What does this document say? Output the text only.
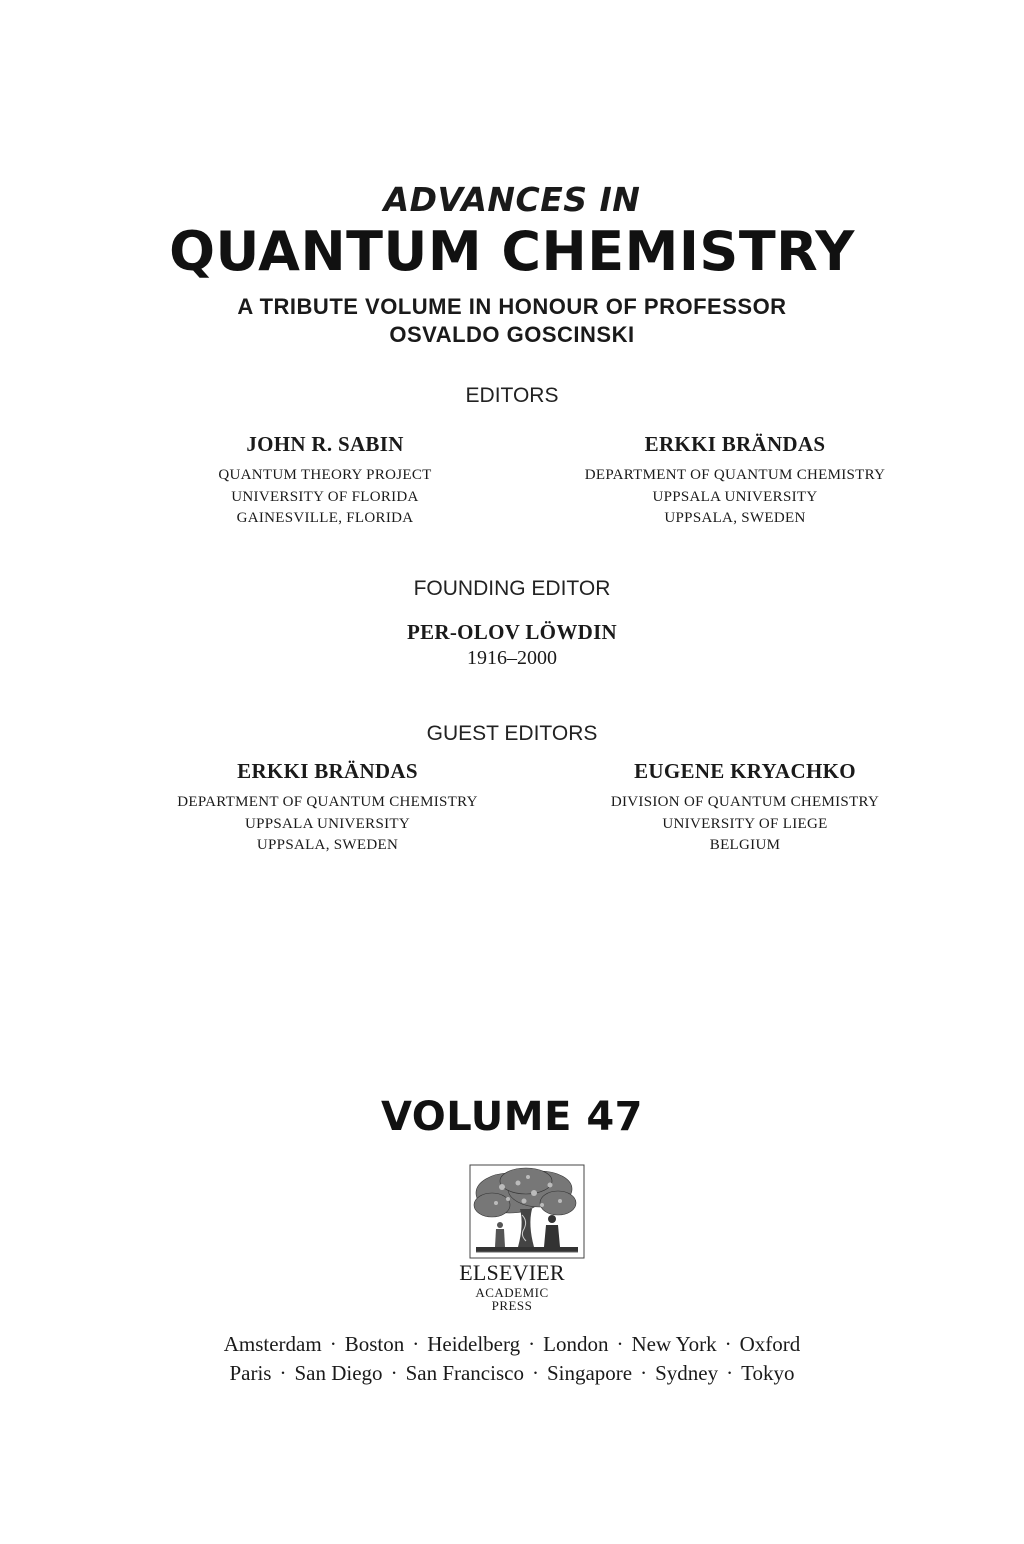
ADVANCES IN
QUANTUM CHEMISTRY
A TRIBUTE VOLUME IN HONOUR OF PROFESSOR
OSVALDO GOSCINSKI
EDITORS
JOHN R. SABIN
QUANTUM THEORY PROJECT
UNIVERSITY OF FLORIDA
GAINESVILLE, FLORIDA
ERKKI BRÄNDAS
DEPARTMENT OF QUANTUM CHEMISTRY
UPPSALA UNIVERSITY
UPPSALA, SWEDEN
FOUNDING EDITOR
PER-OLOV LÖWDIN
1916–2000
GUEST EDITORS
ERKKI BRÄNDAS
DEPARTMENT OF QUANTUM CHEMISTRY
UPPSALA UNIVERSITY
UPPSALA, SWEDEN
EUGENE KRYACHKO
DIVISION OF QUANTUM CHEMISTRY
UNIVERSITY OF LIEGE
BELGIUM
VOLUME 47
ELSEVIER
ACADEMIC
PRESS
Amsterdam · Boston · Heidelberg · London · New York · Oxford
Paris · San Diego · San Francisco · Singapore · Sydney · Tokyo
